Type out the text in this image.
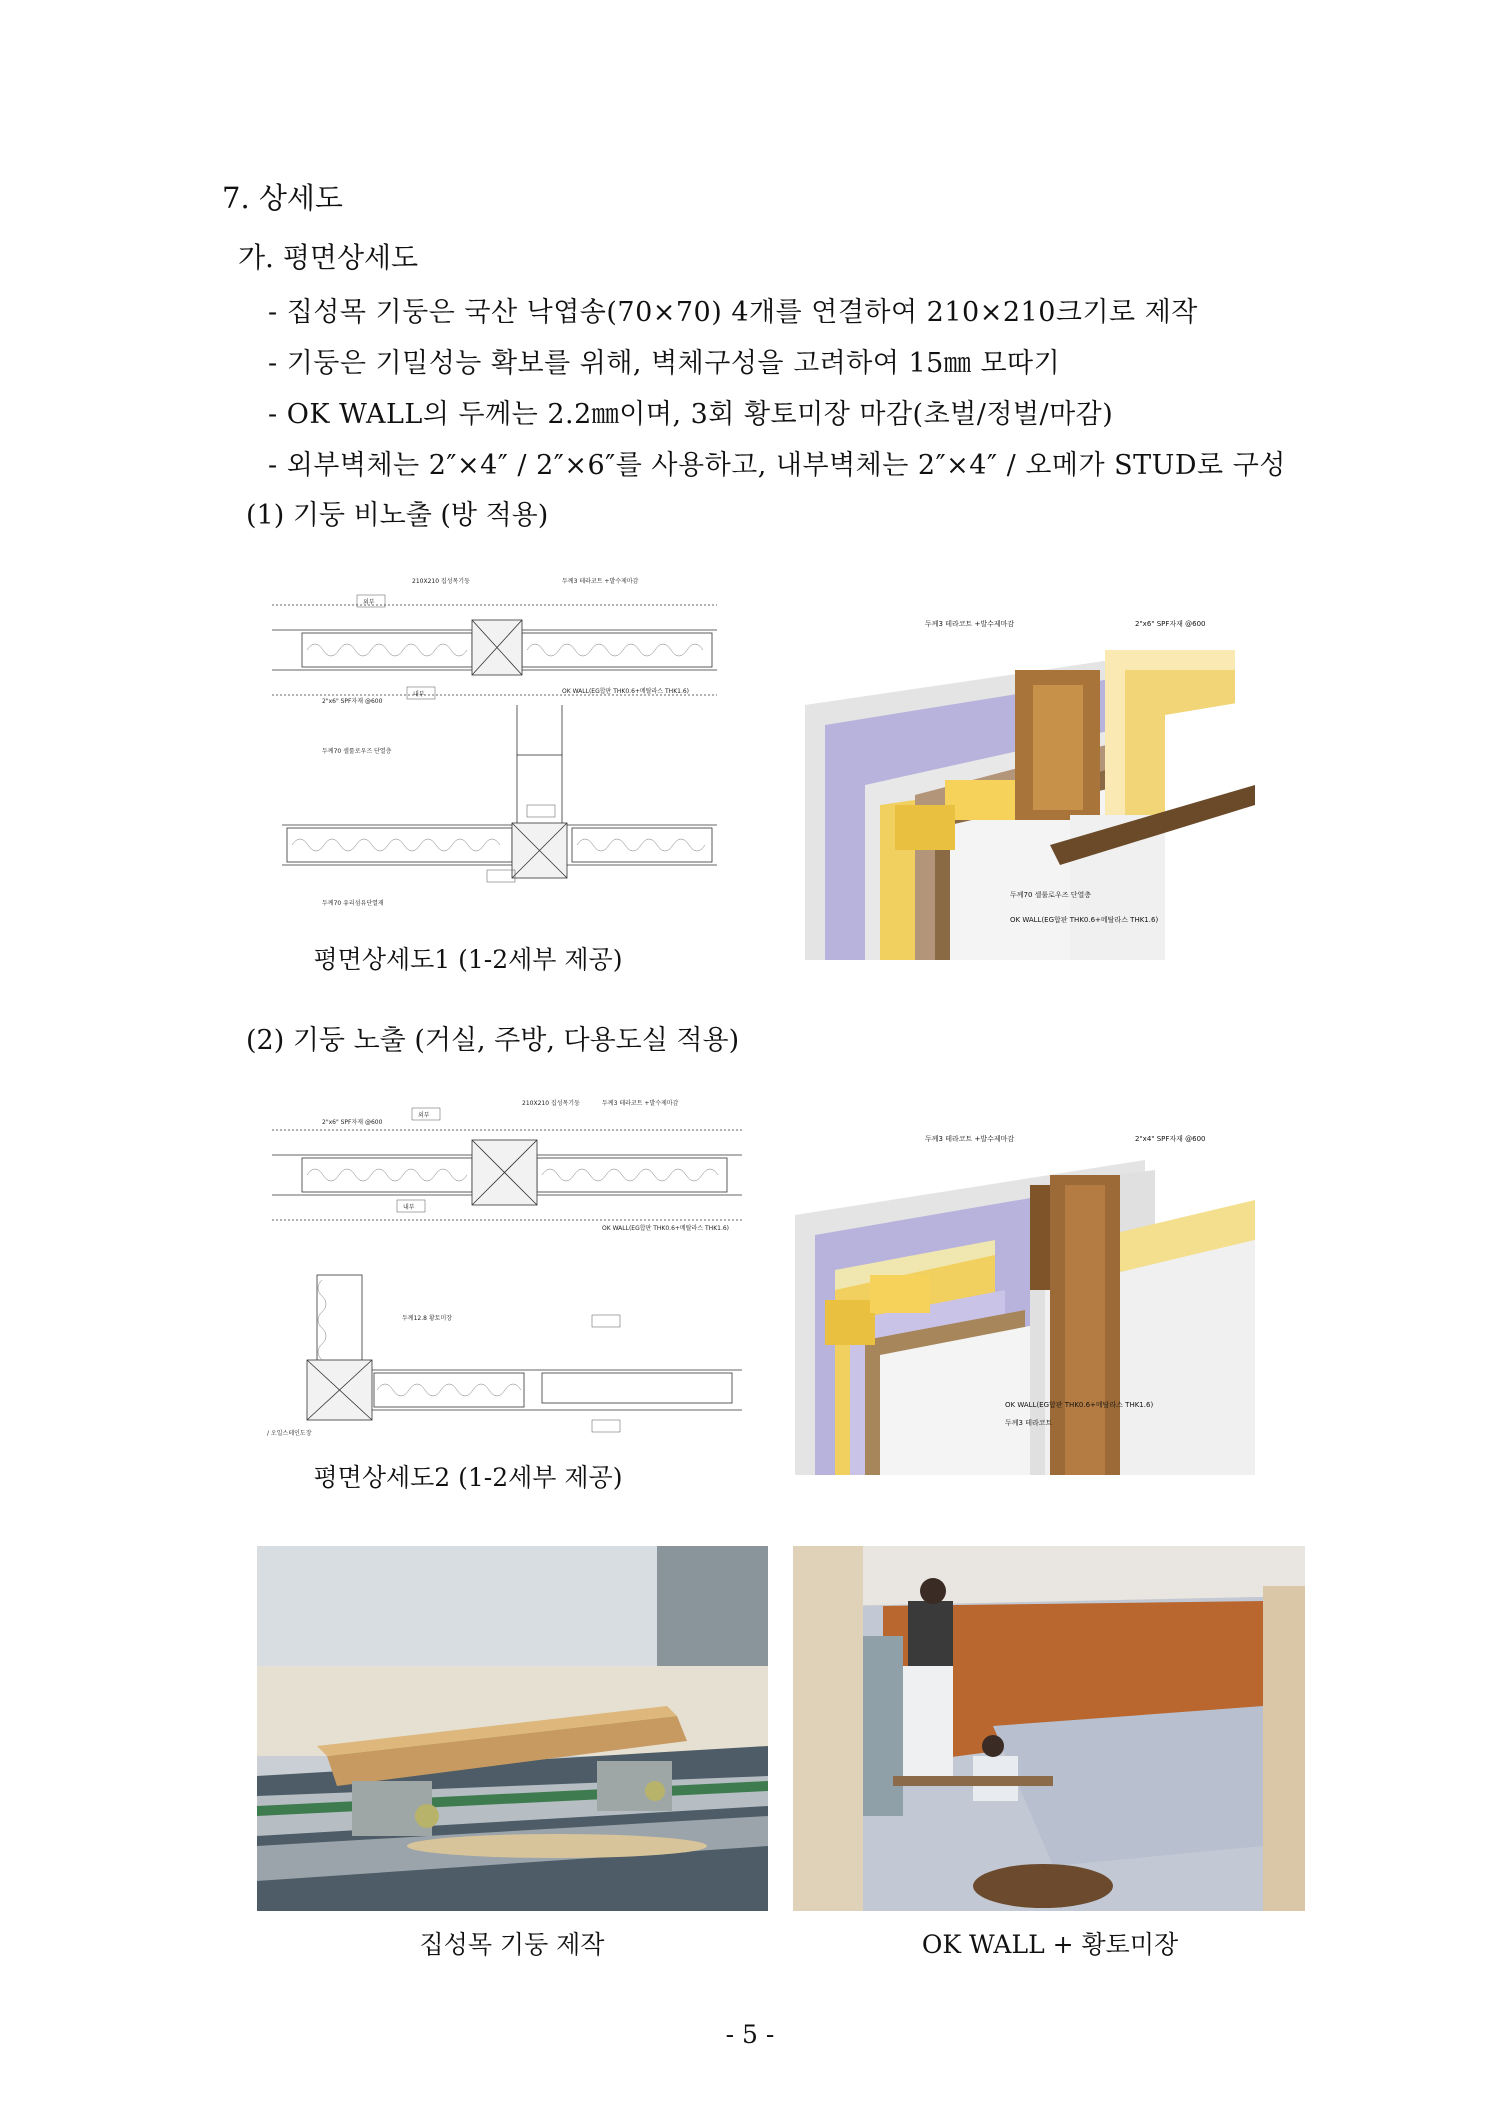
7. 상세도
가. 평면상세도
- 집성목 기둥은 국산 낙엽송(70×70) 4개를 연결하여 210×210크기로 제작
- 기둥은 기밀성능 확보를 위해, 벽체구성을 고려하여 15㎜ 모따기
- OK WALL의 두께는 2.2㎜이며, 3회 황토미장 마감(초벌/정벌/마감)
- 외부벽체는 2″×4″ / 2″×6″를 사용하고, 내부벽체는 2″×4″ / 오메가 STUD로 구성
(1) 기둥 비노출 (방 적용)
외부
내부
2"x6" SPF자재 @600
210X210 집성목기둥	두께3 테라코트 +발수제마감
OK WALL(EG합판 THK0.6+메탈라스 THK1.6)
두께70 셀룰로우즈 단열층
두께70 유리섬유단열재
두께3 테라코트 +발수제마감	2"x6" SPF자재 @600
두께70 셀룰로우즈 단열층
OK WALL(EG합판 THK0.6+메탈라스 THK1.6)
평면상세도1 (1-2세부 제공)
(2) 기둥 노출 (거실, 주방, 다용도실 적용)
외부
내부
2"x6" SPF자재 @600
210X210 집성목기둥	두께3 테라코트 +발수제마감
OK WALL(EG합판 THK0.6+메탈라스 THK1.6)
두께12.8 황토미장
/ 오일스테인도장
두께3 테라코트 +발수제마감	2"x4" SPF자재 @600
OK WALL(EG합판 THK0.6+메탈라스 THK1.6)
두께3 테라코트
평면상세도2 (1-2세부 제공)
집성목 기둥 제작	OK WALL + 황토미장
- 5 -
